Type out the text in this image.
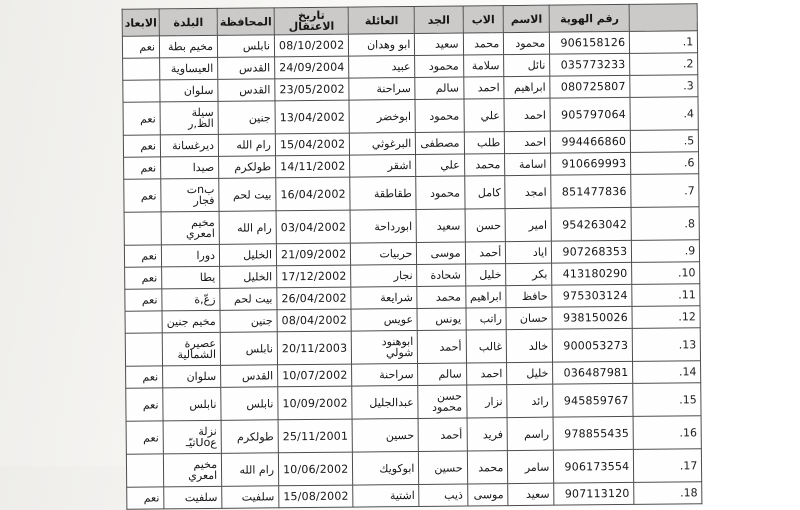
	رقم الهوية	الاسم	الاب	الجد	العائلة	تاريخ الاعتقال	المحافظة	البلدة	الابعاد
1.	906158126	محمود	محمد	سعيد	ابو وهدان	08/10/2002	نابلس	مخيم بطة	نعم
2.	035773233	نائل	سلامة	محمود	عبيد	24/09/2004	القدس	العيساوية	
3.	080725807	ابراهيم	احمد	سالم	سراحنة	23/05/2002	القدس	سلوان	
4.	905797064	احمد	علي	محمود	ابوخضر	13/04/2002	جنين	سيلة الظ,ر	نعم
5.	994466860	احمد	طلب	مصطفى	البرغوثي	15/04/2002	رام الله	ديرغسانة	نعم
6.	910669993	اسامة	محمد	علي	اشقر	14/11/2002	طولكرم	صيدا	نعم
7.	851477836	امجد	كامل	محمود	طقاطقة	16/04/2002	بيت لحم	بnت فجار	نعم
8.	954263042	امير	حسن	سعيد	ابورداحة	03/04/2002	رام الله	مخيم امعري	
9.	907268353	اياد	أحمد	موسى	حربيات	21/09/2002	الخليل	دورا	نعم
10.	413180290	بكر	خليل	شحادة	نجار	17/12/2002	الخليل	يطا	نعم
11.	975303124	حافظ	ابراهيم	محمد	شرايعة	26/04/2002	بيت لحم	زعّ,ة	نعم
12.	938150026	حسان	راتب	يونس	عويس	08/04/2002	جنين	مخيم جنين	
13.	900053273	خالد	غالب	أحمد	ابوهنود شولي	20/11/2003	نابلس	عصيرة الشمالية	
14.	036487981	خليل	احمد	سالم	سراحنة	10/07/2002	القدس	سلوان	نعم
15.	945859767	رائد	نزار	حسن محمود	عبدالجليل	10/09/2002	نابلس	نابلس	نعم
16.	978855435	راسم	فريد	أحمد	حسين	25/11/2001	طولكرم	نزلة عUoتيّـ	نعم
17.	906173554	سامر	محمد	حسين	ابوكويك	10/06/2002	رام الله	مخيم امعري	
18.	907113120	سعيد	موسى	ذيب	اشتية	15/08/2002	سلفيت	سلفيت	نعم
